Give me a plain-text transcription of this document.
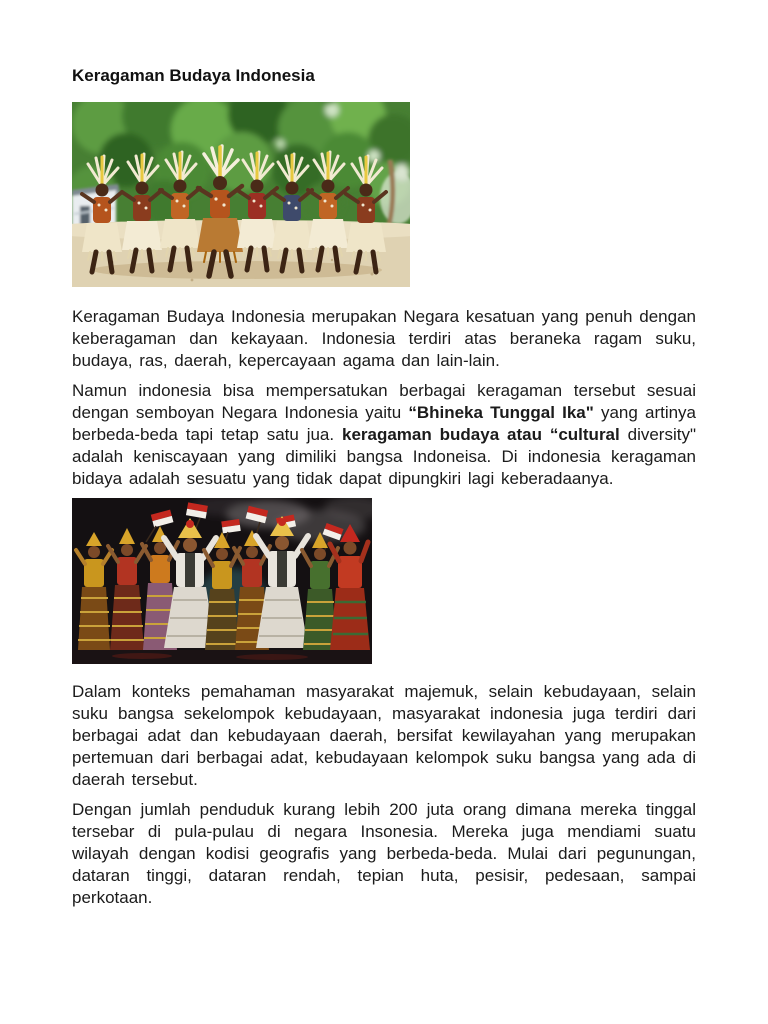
Keragaman Budaya Indonesia

Keragaman Budaya Indonesia merupakan Negara kesatuan yang penuh dengan keberagaman dan kekayaan. Indonesia terdiri atas beraneka ragam suku, budaya, ras, daerah, kepercayaan agama dan lain-lain.

Namun indonesia bisa mempersatukan berbagai keragaman tersebut sesuai dengan semboyan Negara Indonesia yaitu “Bhineka Tunggal Ika" yang artinya berbeda-beda tapi tetap satu jua. keragaman budaya atau “cultural diversity" adalah keniscayaan yang dimiliki bangsa Indoneisa. Di indonesia keragaman bidaya adalah sesuatu yang tidak dapat dipungkiri lagi keberadaanya.

Dalam konteks pemahaman masyarakat majemuk, selain kebudayaan, selain suku bangsa sekelompok kebudayaan, masyarakat indonesia juga terdiri dari berbagai adat dan kebudayaan daerah, bersifat kewilayahan yang merupakan pertemuan dari berbagai adat, kebudayaan kelompok suku bangsa yang ada di daerah tersebut.

Dengan jumlah penduduk kurang lebih 200 juta orang dimana mereka tinggal tersebar di pula-pulau di negara Insonesia. Mereka juga mendiami suatu wilayah dengan kodisi geografis yang berbeda-beda. Mulai dari pegunungan, dataran tinggi, dataran rendah, tepian huta, pesisir, pedesaan, sampai perkotaan.
